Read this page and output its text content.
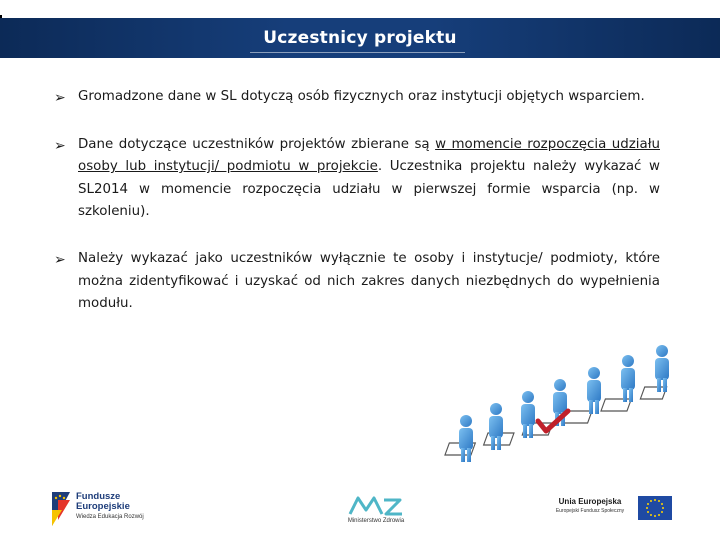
Uczestnicy projektu
➢ Gromadzone dane w SL dotyczą osób fizycznych oraz instytucji objętych wsparciem.
➢ Dane dotyczące uczestników projektów zbierane są w momencie rozpoczęcia udziału osoby lub instytucji/ podmiotu w projekcie. Uczestnika projektu należy wykazać w SL2014 w momencie rozpoczęcia udziału w pierwszej formie wsparcia (np. w szkoleniu).
➢ Należy wykazać jako uczestników wyłącznie te osoby i instytucje/ podmioty, które można zidentyfikować i uzyskać od nich zakres danych niezbędnych do wypełnienia modułu.
Fundusze
Europejskie
Wiedza Edukacja Rozwój
Ministerstwo Zdrowia
Unia Europejska
Europejski Fundusz Społeczny
